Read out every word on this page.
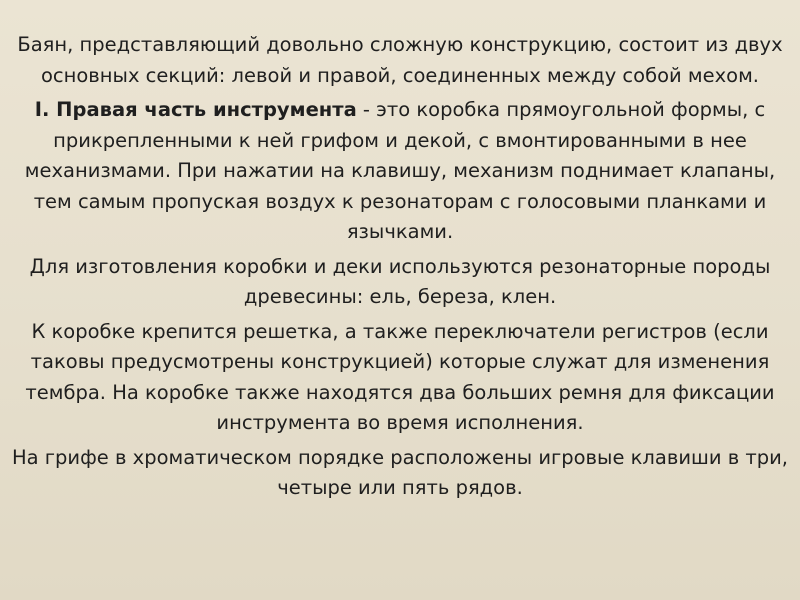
Баян, представляющий довольно сложную конструкцию, состоит из двух основных секций: левой и правой, соединенных между собой мехом.

I. Правая часть инструмента - это коробка прямоугольной формы, с прикрепленными к ней грифом и декой, с вмонтированными в нее механизмами. При нажатии на клавишу, механизм поднимает клапаны, тем самым пропуская воздух к резонаторам с голосовыми планками и язычками.

Для изготовления коробки и деки используются резонаторные породы древесины: ель, береза, клен.

К коробке крепится решетка, а также переключатели регистров (если таковы предусмотрены конструкцией) которые служат для изменения тембра. На коробке также находятся два больших ремня для фиксации инструмента во время исполнения.

На грифе в хроматическом порядке расположены игровые клавиши в три, четыре или пять рядов.
